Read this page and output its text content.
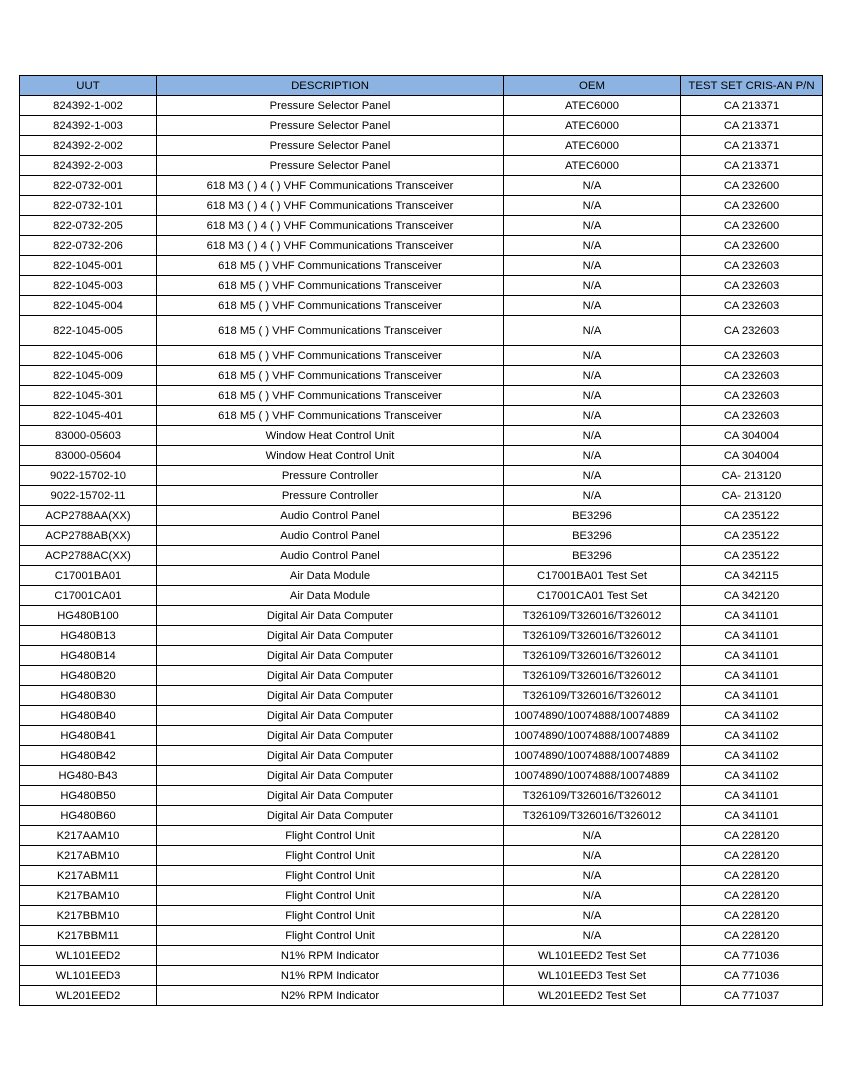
UUT	DESCRIPTION	OEM	TEST SET CRIS-AN P/N
824392-1-002	Pressure Selector Panel	ATEC6000	CA 213371
824392-1-003	Pressure Selector Panel	ATEC6000	CA 213371
824392-2-002	Pressure Selector Panel	ATEC6000	CA 213371
824392-2-003	Pressure Selector Panel	ATEC6000	CA 213371
822-0732-001	618 M3 ( ) 4 ( ) VHF Communications Transceiver	N/A	CA 232600
822-0732-101	618 M3 ( ) 4 ( ) VHF Communications Transceiver	N/A	CA 232600
822-0732-205	618 M3 ( ) 4 ( ) VHF Communications Transceiver	N/A	CA 232600
822-0732-206	618 M3 ( ) 4 ( ) VHF Communications Transceiver	N/A	CA 232600
822-1045-001	618 M5 ( ) VHF Communications Transceiver	N/A	CA 232603
822-1045-003	618 M5 ( ) VHF Communications Transceiver	N/A	CA 232603
822-1045-004	618 M5 ( ) VHF Communications Transceiver	N/A	CA 232603
822-1045-005	618 M5 ( ) VHF Communications Transceiver	N/A	CA 232603
822-1045-006	618 M5 ( ) VHF Communications Transceiver	N/A	CA 232603
822-1045-009	618 M5 ( ) VHF Communications Transceiver	N/A	CA 232603
822-1045-301	618 M5 ( ) VHF Communications Transceiver	N/A	CA 232603
822-1045-401	618 M5 ( ) VHF Communications Transceiver	N/A	CA 232603
83000-05603	Window Heat Control Unit	N/A	CA 304004
83000-05604	Window Heat Control Unit	N/A	CA 304004
9022-15702-10	Pressure Controller	N/A	CA- 213120
9022-15702-11	Pressure Controller	N/A	CA- 213120
ACP2788AA(XX)	Audio Control Panel	BE3296	CA 235122
ACP2788AB(XX)	Audio Control Panel	BE3296	CA 235122
ACP2788AC(XX)	Audio Control Panel	BE3296	CA 235122
C17001BA01	Air Data Module	C17001BA01 Test Set	CA 342115
C17001CA01	Air Data Module	C17001CA01 Test Set	CA 342120
HG480B100	Digital Air Data Computer	T326109/T326016/T326012	CA 341101
HG480B13	Digital Air Data Computer	T326109/T326016/T326012	CA 341101
HG480B14	Digital Air Data Computer	T326109/T326016/T326012	CA 341101
HG480B20	Digital Air Data Computer	T326109/T326016/T326012	CA 341101
HG480B30	Digital Air Data Computer	T326109/T326016/T326012	CA 341101
HG480B40	Digital Air Data Computer	10074890/10074888/10074889	CA 341102
HG480B41	Digital Air Data Computer	10074890/10074888/10074889	CA 341102
HG480B42	Digital Air Data Computer	10074890/10074888/10074889	CA 341102
HG480-B43	Digital Air Data Computer	10074890/10074888/10074889	CA 341102
HG480B50	Digital Air Data Computer	T326109/T326016/T326012	CA 341101
HG480B60	Digital Air Data Computer	T326109/T326016/T326012	CA 341101
K217AAM10	Flight Control Unit	N/A	CA 228120
K217ABM10	Flight Control Unit	N/A	CA 228120
K217ABM11	Flight Control Unit	N/A	CA 228120
K217BAM10	Flight Control Unit	N/A	CA 228120
K217BBM10	Flight Control Unit	N/A	CA 228120
K217BBM11	Flight Control Unit	N/A	CA 228120
WL101EED2	N1% RPM Indicator	WL101EED2 Test Set	CA 771036
WL101EED3	N1% RPM Indicator	WL101EED3 Test Set	CA 771036
WL201EED2	N2% RPM Indicator	WL201EED2 Test Set	CA 771037
